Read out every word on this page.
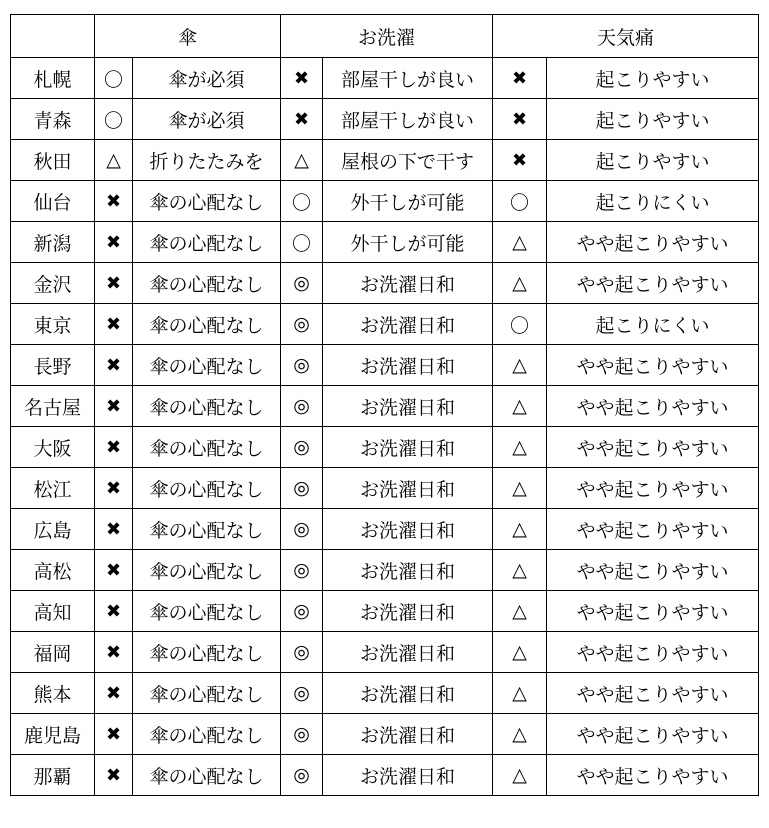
	傘		お洗濯		天気痛	
札幌	〇	傘が必須	✖	部屋干しが良い	✖	起こりやすい
青森	〇	傘が必須	✖	部屋干しが良い	✖	起こりやすい
秋田	△	折りたたみを	△	屋根の下で干す	✖	起こりやすい
仙台	✖	傘の心配なし	〇	外干しが可能	〇	起こりにくい
新潟	✖	傘の心配なし	〇	外干しが可能	△	やや起こりやすい
金沢	✖	傘の心配なし	◎	お洗濯日和	△	やや起こりやすい
東京	✖	傘の心配なし	◎	お洗濯日和	〇	起こりにくい
長野	✖	傘の心配なし	◎	お洗濯日和	△	やや起こりやすい
名古屋	✖	傘の心配なし	◎	お洗濯日和	△	やや起こりやすい
大阪	✖	傘の心配なし	◎	お洗濯日和	△	やや起こりやすい
松江	✖	傘の心配なし	◎	お洗濯日和	△	やや起こりやすい
広島	✖	傘の心配なし	◎	お洗濯日和	△	やや起こりやすい
高松	✖	傘の心配なし	◎	お洗濯日和	△	やや起こりやすい
高知	✖	傘の心配なし	◎	お洗濯日和	△	やや起こりやすい
福岡	✖	傘の心配なし	◎	お洗濯日和	△	やや起こりやすい
熊本	✖	傘の心配なし	◎	お洗濯日和	△	やや起こりやすい
鹿児島	✖	傘の心配なし	◎	お洗濯日和	△	やや起こりやすい
那覇	✖	傘の心配なし	◎	お洗濯日和	△	やや起こりやすい
